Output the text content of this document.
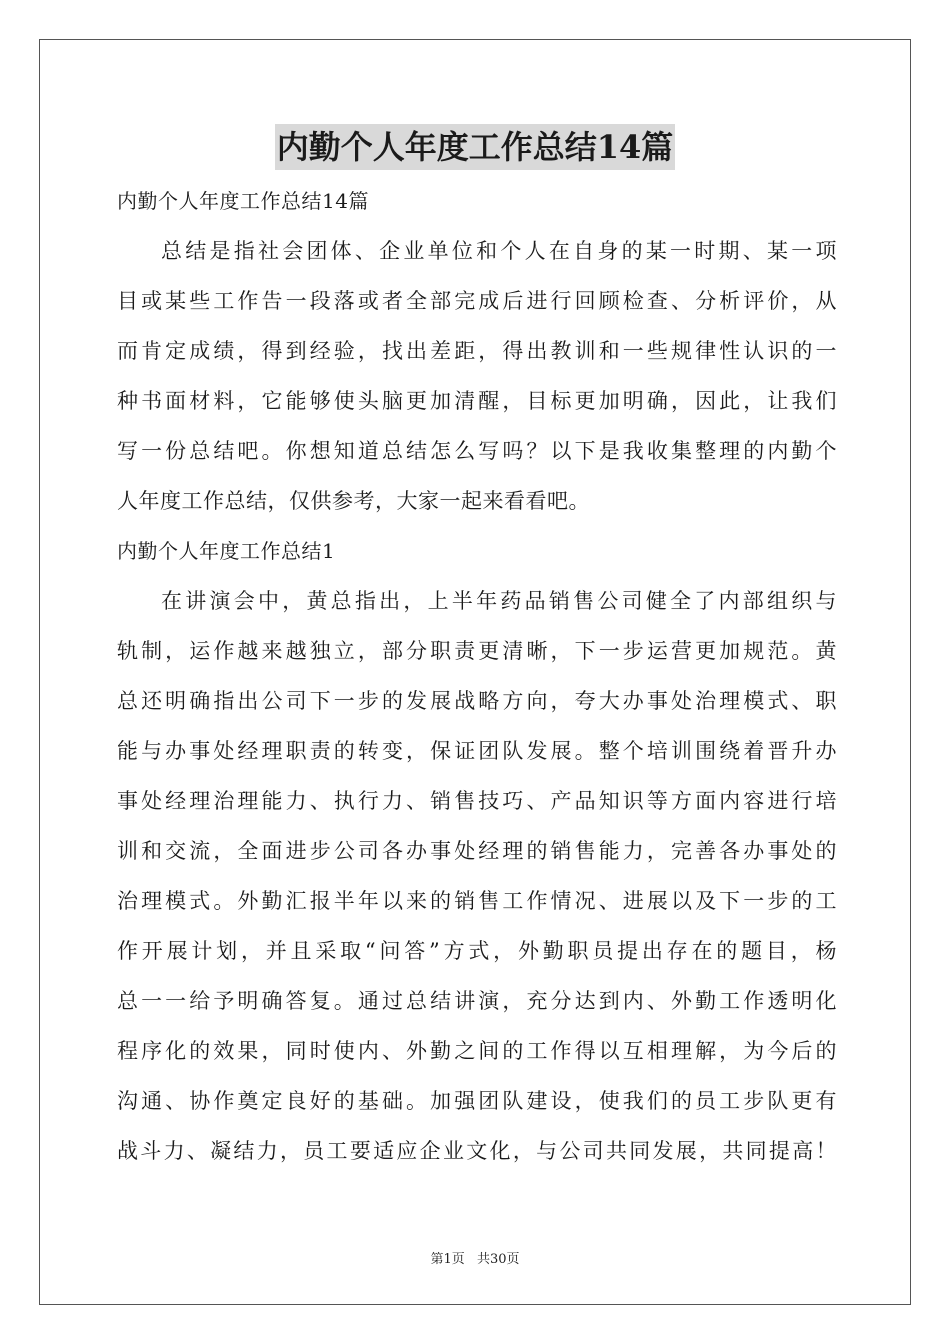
内勤个人年度工作总结14篇
内勤个人年度工作总结14篇
总结是指社会团体、企业单位和个人在自身的某一时期、某一项
目或某些工作告一段落或者全部完成后进行回顾检查、分析评价，从
而肯定成绩，得到经验，找出差距，得出教训和一些规律性认识的一
种书面材料，它能够使头脑更加清醒，目标更加明确，因此，让我们
写一份总结吧。你想知道总结怎么写吗？以下是我收集整理的内勤个
人年度工作总结，仅供参考，大家一起来看看吧。
内勤个人年度工作总结1
在讲演会中，黄总指出，上半年药品销售公司健全了内部组织与
轨制，运作越来越独立，部分职责更清晰，下一步运营更加规范。黄
总还明确指出公司下一步的发展战略方向，夸大办事处治理模式、职
能与办事处经理职责的转变，保证团队发展。整个培训围绕着晋升办
事处经理治理能力、执行力、销售技巧、产品知识等方面内容进行培
训和交流，全面进步公司各办事处经理的销售能力，完善各办事处的
治理模式。外勤汇报半年以来的销售工作情况、进展以及下一步的工
作开展计划，并且采取“问答”方式，外勤职员提出存在的题目，杨
总一一给予明确答复。通过总结讲演，充分达到内、外勤工作透明化
程序化的效果，同时使内、外勤之间的工作得以互相理解，为今后的
沟通、协作奠定良好的基础。加强团队建设，使我们的员工步队更有
战斗力、凝结力，员工要适应企业文化，与公司共同发展，共同提高！
第1页 共30页
